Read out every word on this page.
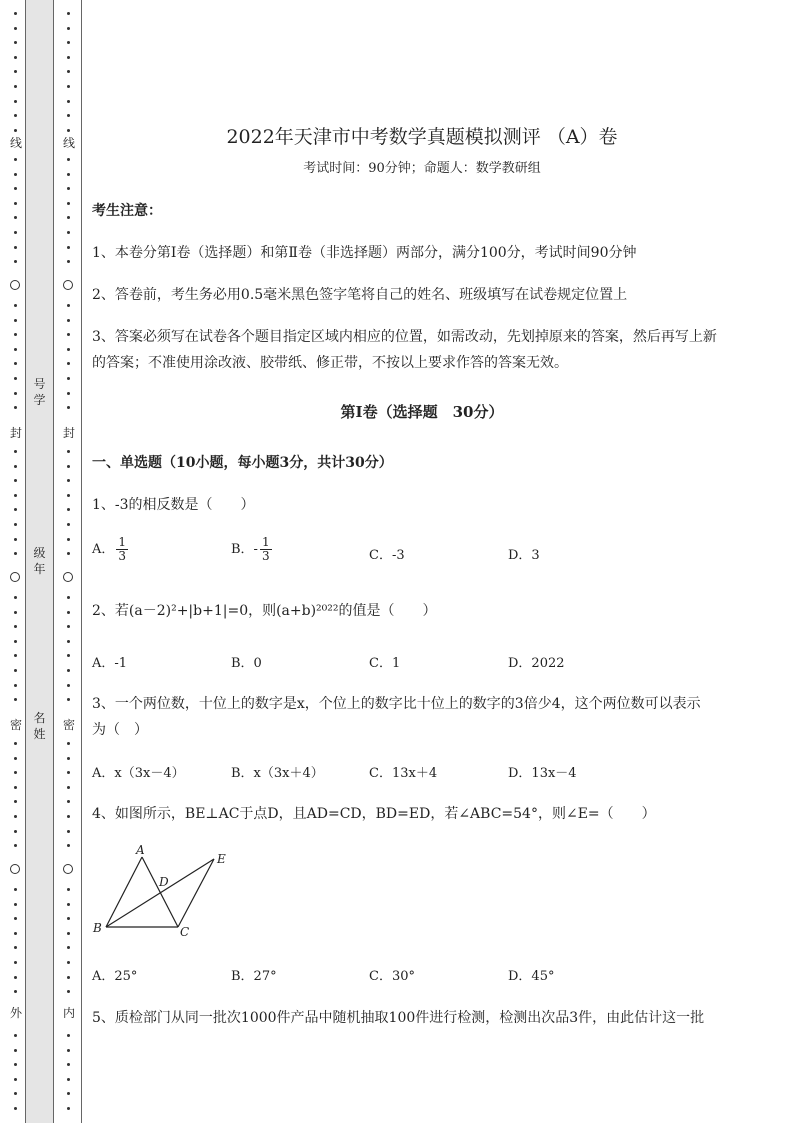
线
封
密
外
号学
级年
名姓
线
封
密
内
2022年天津市中考数学真题模拟测评 （A）卷
考试时间：90分钟；命题人：数学教研组
考生注意：
1、本卷分第I卷（选择题）和第Ⅱ卷（非选择题）两部分，满分100分，考试时间90分钟
2、答卷前，考生务必用0.5毫米黑色签字笔将自己的姓名、班级填写在试卷规定位置上
3、答案必须写在试卷各个题目指定区域内相应的位置，如需改动，先划掉原来的答案，然后再写上新
的答案；不准使用涂改液、胶带纸、修正带，不按以上要求作答的答案无效。
第I卷（选择题　30分）
一、单选题（10小题，每小题3分，共计30分）
1、-3的相反数是（　　）
A． $\frac{1}{3}$	B．- $\frac{1}{3}$	C．-3	D．3
2、若(a－2)²+|b+1|=0，则(a+b)²⁰²²的值是（　　）
A．-1	B．0	C．1	D．2022
3、一个两位数，十位上的数字是x，个位上的数字比十位上的数字的3倍少4，这个两位数可以表示
为（　）
A．x（3x－4）	B．x（3x＋4）	C．13x＋4	D．13x－4
4、如图所示，BE⊥AC于点D，且AD=CD，BD=ED，若∠ABC=54°，则∠E=（　　）
A．25°	B．27°	C．30°	D．45°
5、质检部门从同一批次1000件产品中随机抽取100件进行检测，检测出次品3件，由此估计这一批
A
B	C
D
E
